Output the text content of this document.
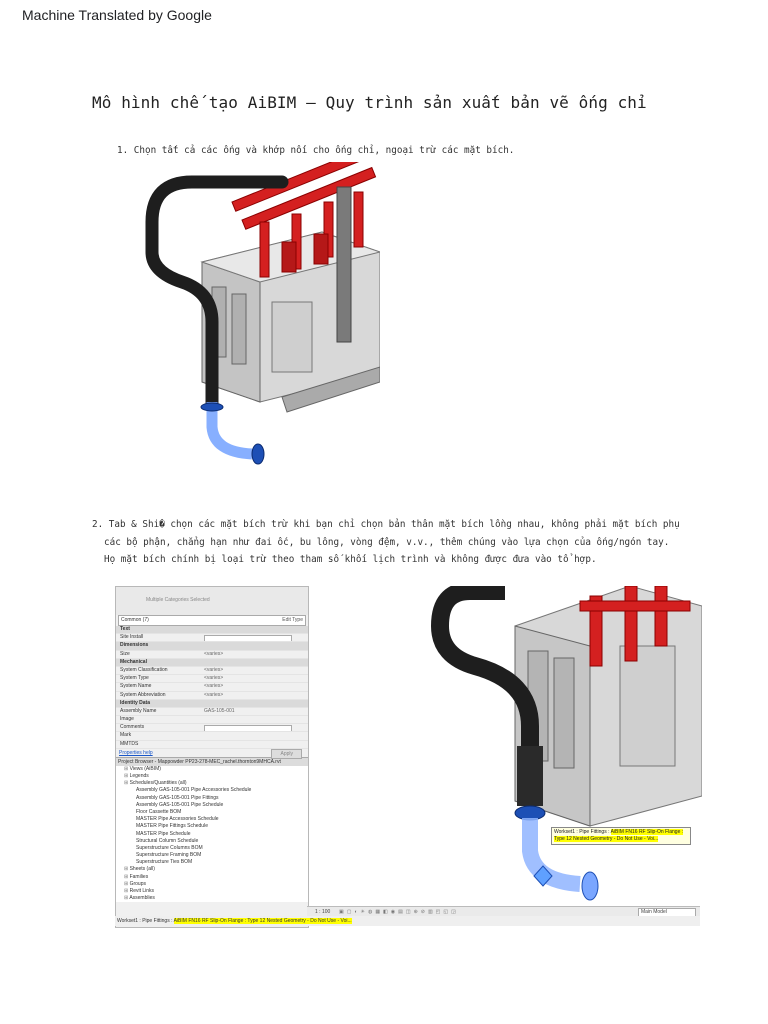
Machine Translated by Google
Mô hình chế tạo AiBIM – Quy trình sản xuất bản vẽ ống chỉ
1. Chọn tất cả các ống và khớp nối cho ống chỉ, ngoại trừ các mặt bích.
2. Tab & Shi� chọn các mặt bích trừ khi bạn chỉ chọn bản thân mặt bích lồng nhau, không phải mặt bích phụ
các bộ phận, chẳng hạn như đai ốc, bu lông, vòng đệm, v.v., thêm chúng vào lựa chọn của ống/ngón tay.
Họ mặt bích chính bị loại trừ theo tham số khối lịch trình và không được đưa vào tổ hợp.
Multiple Categories Selected
Common (7)	Edit Type
Text
Site Install
Dimensions
Size	<varies>
Mechanical
System Classification	<varies>
System Type	<varies>
System Name	<varies>
System Abbreviation	<varies>
Identity Data
Assembly Name	GAS-105-001
Image
Comments
Mark
MMTDS
Properties help	Apply
Project Browser - Mappowder PP23-278-MEC_rachel.thornton9MHCA.rvt
⊞ Views (AiBIM)
⊞ Legends
⊞ Schedules/Quantities (all)
Assembly GAS-105-001 Pipe Accessories Schedule
Assembly GAS-105-001 Pipe Fittings
Assembly GAS-105-001 Pipe Schedule
Floor Cassette BOM
MASTER Pipe Accessories Schedule
MASTER Pipe Fittings Schedule
MASTER Pipe Schedule
Structural Column Schedule
Superstructure Columns BOM
Superstructure Framing BOM
Superstructure Ties BOM
⊞ Sheets (all)
⊞ Families
⊞ Groups
⊞ Revit Links
⊞ Assemblies
Workset1 : Pipe Fittings : AiBIM FN16 RF Slip-On Flange :
Type 12 Nested Geometry - Do Not Use - Voi...
1 : 100 ▣▢◐☀◍▦◧◉▤◫⊕⊘▥◰◱◲	Main Model
Workset1 : Pipe Fittings : AiBIM FN16 RF Slip-On Flange : Type 12 Nested Geometry - Do Not Use - Voi...
